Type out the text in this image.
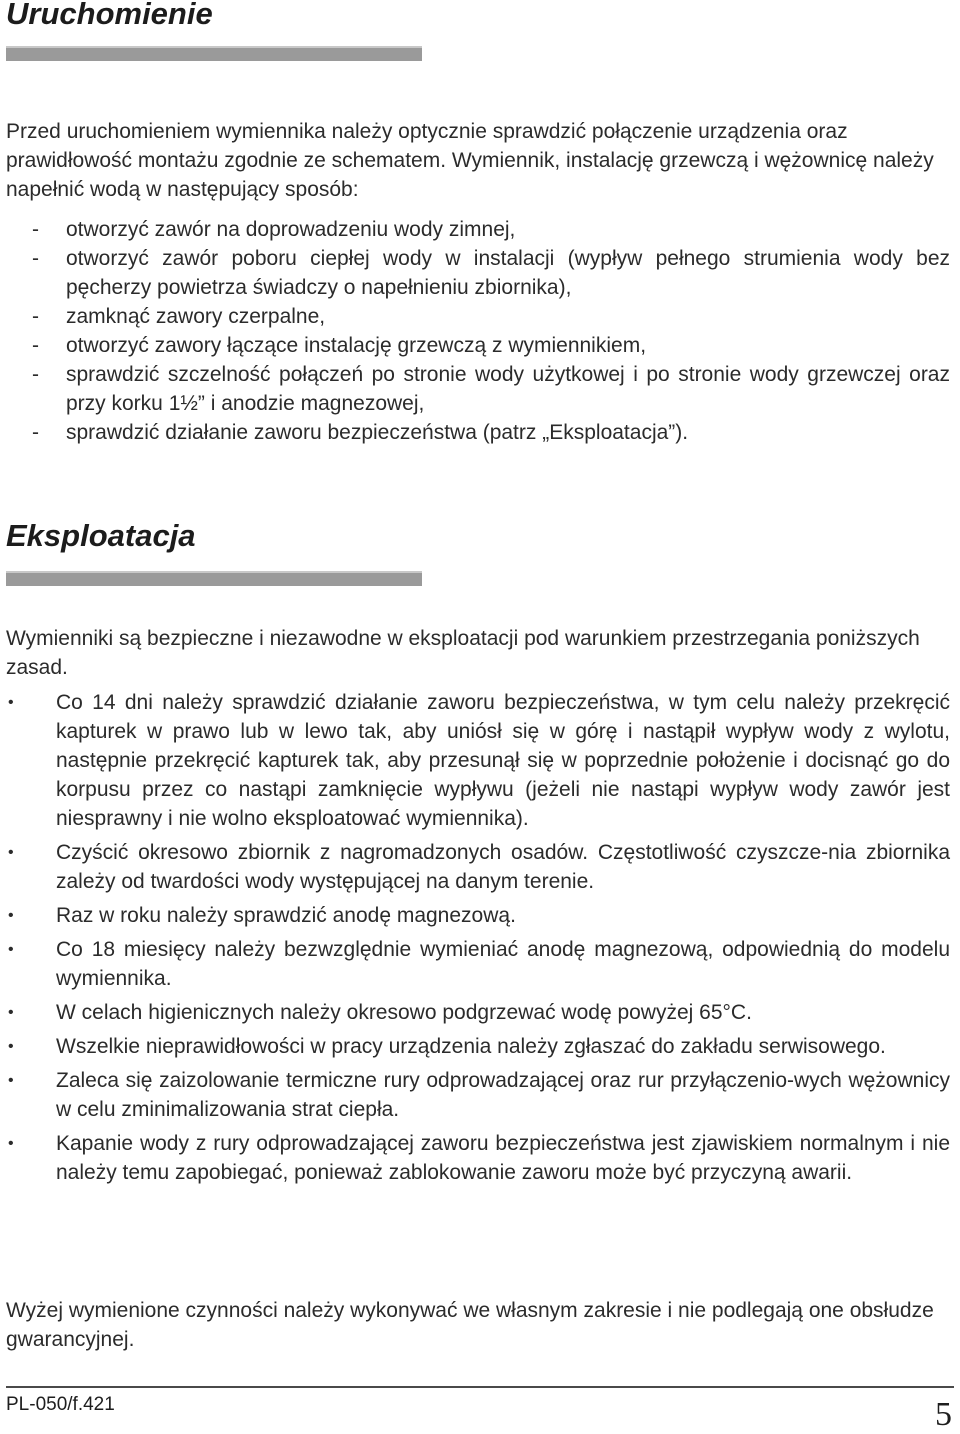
Uruchomienie

Przed uruchomieniem wymiennika należy optycznie sprawdzić połączenie urządzenia oraz prawidłowość montażu zgodnie ze schematem. Wymiennik, instalację grzewczą i wężownicę należy napełnić wodą w następujący sposób:

- otworzyć zawór na doprowadzeniu wody zimnej,
- otworzyć zawór poboru ciepłej wody w instalacji (wypływ pełnego strumienia wody bez pęcherzy powietrza świadczy o napełnieniu zbiornika),
- zamknąć zawory czerpalne,
- otworzyć zawory łączące instalację grzewczą z wymiennikiem,
- sprawdzić szczelność połączeń po stronie wody użytkowej i po stronie wody grzewczej oraz przy korku 1½” i anodzie magnezowej,
- sprawdzić działanie zaworu bezpieczeństwa (patrz „Eksploatacja”).
Eksploatacja

Wymienniki są bezpieczne i niezawodne w eksploatacji pod warunkiem przestrzegania poniższych zasad.

• Co 14 dni należy sprawdzić działanie zaworu bezpieczeństwa, w tym celu należy przekręcić kapturek w prawo lub w lewo tak, aby uniósł się w górę i nastąpił wypływ wody z wylotu, następnie przekręcić kapturek tak, aby przesunął się w poprzednie położenie i docisnąć go do korpusu przez co nastąpi zamknięcie wypływu (jeżeli nie nastąpi wypływ wody zawór jest niesprawny i nie wolno eksploatować wymiennika).
• Czyścić okresowo zbiornik z nagromadzonych osadów. Częstotliwość czyszcze-nia zbiornika zależy od twardości wody występującej na danym terenie.
• Raz w roku należy sprawdzić anodę magnezową.
• Co 18 miesięcy należy bezwzględnie wymieniać anodę magnezową, odpowiednią do modelu wymiennika.
• W celach higienicznych należy okresowo podgrzewać wodę powyżej 65°C.
• Wszelkie nieprawidłowości w pracy urządzenia należy zgłaszać do zakładu serwisowego.
• Zaleca się zaizolowanie termiczne rury odprowadzającej oraz rur przyłączenio-wych wężownicy w celu zminimalizowania strat ciepła.
• Kapanie wody z rury odprowadzającej zaworu bezpieczeństwa jest zjawiskiem normalnym i nie należy temu zapobiegać, ponieważ zablokowanie zaworu może być przyczyną awarii.

Wyżej wymienione czynności należy wykonywać we własnym zakresie i nie podlegają one obsłudze gwarancyjnej.

PL-050/f.421	5
